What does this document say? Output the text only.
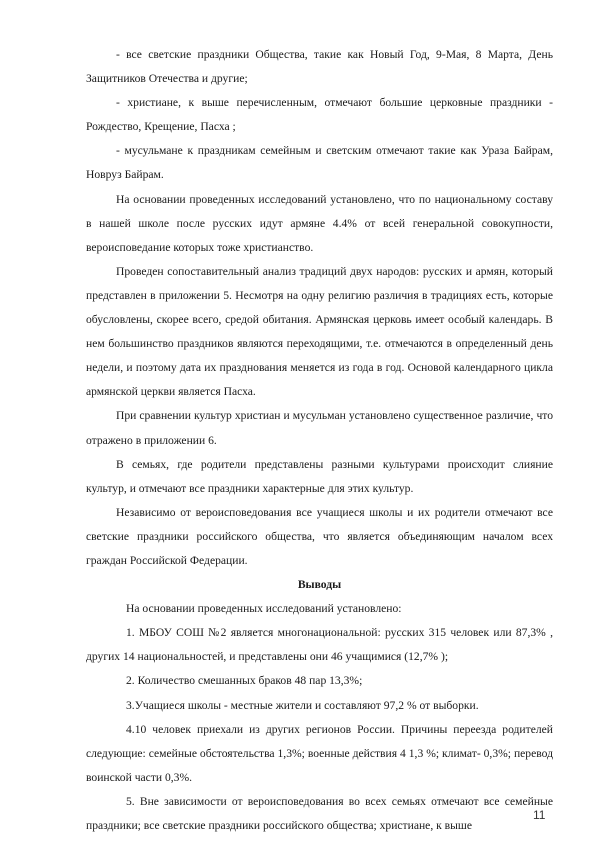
- все светские праздники Общества, такие как Новый Год, 9-Мая, 8 Марта, День Защитников Отечества и другие;

- христиане, к выше перечисленным, отмечают большие церковные праздники - Рождество, Крещение, Пасха ;

- мусульмане к праздникам семейным и светским отмечают такие как Ураза Байрам, Новруз Байрам.

На основании проведенных исследований установлено, что по национальному составу в нашей школе после русских идут армяне 4.4% от всей генеральной совокупности, вероисповедание которых тоже христианство.

Проведен сопоставительный анализ традиций двух народов: русских и армян, который представлен в приложении 5. Несмотря на одну религию различия в традициях есть, которые обусловлены, скорее всего, средой обитания. Армянская церковь имеет особый календарь. В нем большинство праздников являются переходящими, т.е. отмечаются в определенный день недели, и поэтому дата их празднования меняется из года в год. Основой календарного цикла армянской церкви является Пасха.

При сравнении культур христиан и мусульман установлено существенное различие, что отражено в приложении 6.

В семьях, где родители представлены разными культурами происходит слияние культур, и отмечают все праздники характерные для этих культур.

Независимо от вероисповедования все учащиеся школы и их родители отмечают все светские праздники российского общества, что является объединяющим началом всех граждан Российской Федерации.

Выводы

На основании проведенных исследований установлено:

1. МБОУ СОШ №2 является многонациональной: русских 315 человек или 87,3% , других 14 национальностей, и представлены они 46 учащимися (12,7% );

2. Количество смешанных браков 48 пар 13,3%;

3.Учащиеся школы - местные жители и составляют 97,2 % от выборки.

4.10 человек приехали из других регионов России. Причины переезда родителей следующие: семейные обстоятельства 1,3%; военные действия 4 1,3 %; климат- 0,3%; перевод воинской части 0,3%.

5. Вне зависимости от вероисповедования во всех семьях отмечают все семейные праздники; все светские праздники российского общества; христиане, к выше

11
